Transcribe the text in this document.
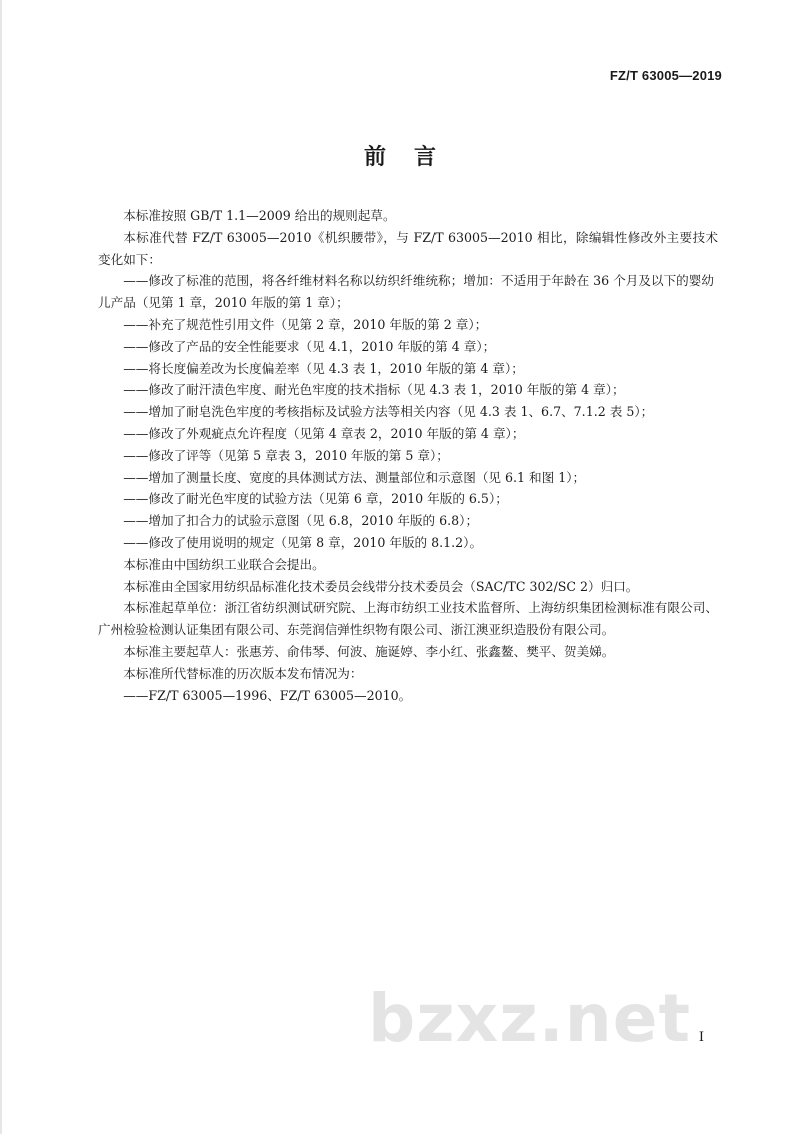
FZ/T 63005—2019
前言

本标准按照 GB/T 1.1—2009 给出的规则起草。

本标准代替 FZ/T 63005—2010《机织腰带》，与 FZ/T 63005—2010 相比，除编辑性修改外主要技术变化如下：

——修改了标准的范围，将各纤维材料名称以纺织纤维统称；增加：不适用于年龄在 36 个月及以下的婴幼儿产品（见第 1 章，2010 年版的第 1 章）；

——补充了规范性引用文件（见第 2 章，2010 年版的第 2 章）；

——修改了产品的安全性能要求（见 4.1，2010 年版的第 4 章）；

——将长度偏差改为长度偏差率（见 4.3 表 1，2010 年版的第 4 章）；

——修改了耐汗渍色牢度、耐光色牢度的技术指标（见 4.3 表 1，2010 年版的第 4 章）；

——增加了耐皂洗色牢度的考核指标及试验方法等相关内容（见 4.3 表 1、6.7、7.1.2 表 5）；

——修改了外观疵点允许程度（见第 4 章表 2，2010 年版的第 4 章）；

——修改了评等（见第 5 章表 3，2010 年版的第 5 章）；

——增加了测量长度、宽度的具体测试方法、测量部位和示意图（见 6.1 和图 1）；

——修改了耐光色牢度的试验方法（见第 6 章，2010 年版的 6.5）；

——增加了扣合力的试验示意图（见 6.8，2010 年版的 6.8）；

——修改了使用说明的规定（见第 8 章，2010 年版的 8.1.2）。

本标准由中国纺织工业联合会提出。

本标准由全国家用纺织品标准化技术委员会线带分技术委员会（SAC/TC 302/SC 2）归口。

本标准起草单位：浙江省纺织测试研究院、上海市纺织工业技术监督所、上海纺织集团检测标准有限公司、广州检验检测认证集团有限公司、东莞润信弹性织物有限公司、浙江澳亚织造股份有限公司。

本标准主要起草人：张惠芳、俞伟琴、何波、施诞婷、李小红、张鑫鳌、樊平、贺美娣。

本标准所代替标准的历次版本发布情况为：

——FZ/T 63005—1996、FZ/T 63005—2010。

bzxz.net I
